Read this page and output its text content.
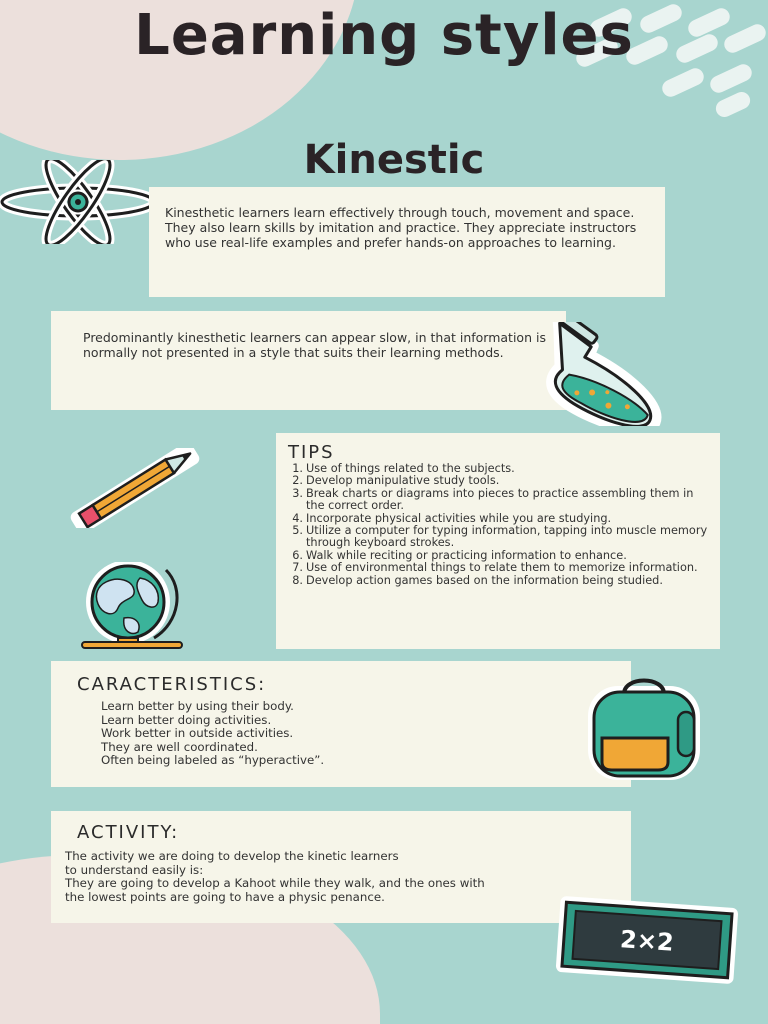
Learning styles
Kinestic

Kinesthetic learners learn effectively through touch, movement and space. They also learn skills by imitation and practice. They appreciate instructors who use real-life examples and prefer hands-on approaches to learning.

Predominantly kinesthetic learners can appear slow, in that information is normally not presented in a style that suits their learning methods.

TIPS
1. Use of things related to the subjects.
2. Develop manipulative study tools.
3. Break charts or diagrams into pieces to practice assembling them in the correct order.
4. Incorporate physical activities while you are studying.
5. Utilize a computer for typing information, tapping into muscle memory through keyboard strokes.
6. Walk while reciting or practicing information to enhance.
7. Use of environmental things to relate them to memorize information.
8. Develop action games based on the information being studied.
CARACTERISTICS:
Learn better by using their body.
Learn better doing activities.
Work better in outside activities.
They are well coordinated.
Often being labeled as “hyperactive”.
ACTIVITY:

The activity we are doing to develop the kinetic learners

to understand easily is:

They are going to develop a Kahoot while they walk, and the ones with

the lowest points are going to have a physic penance.

2×2
